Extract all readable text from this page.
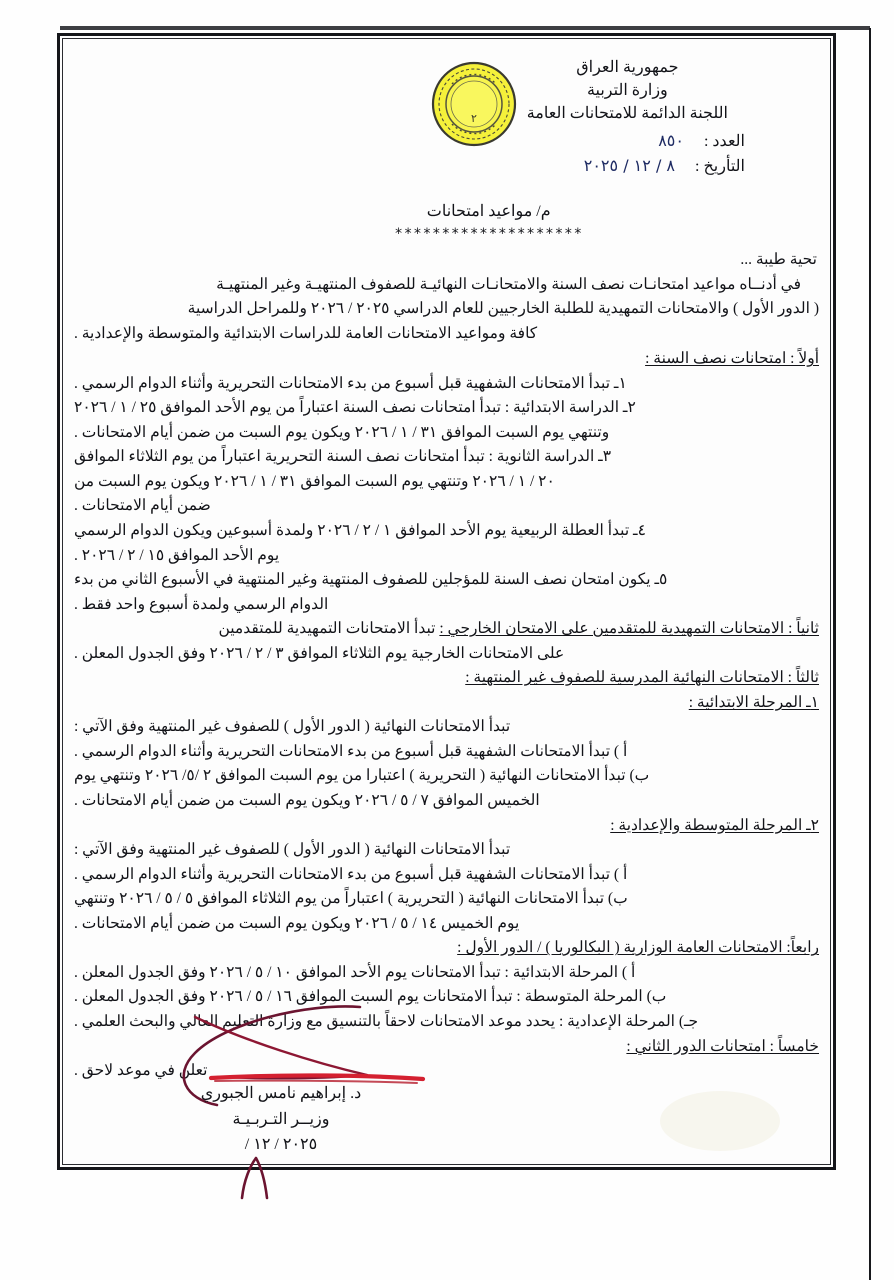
جمهورية العراق
وزارة التربية
اللجنة الدائمة للامتحانات العامة
العدد :
٨٥٠
التأريخ :
٨ / ١٢ / ٢٠٢٥
٢
م/ مواعيد امتحانات
********************
تحية طيبة ...
في أدنــاه مواعيد امتحانـات نصف السنة والامتحانـات النهائيـة للصفوف المنتهيـة وغير المنتهيـة
( الدور الأول ) والامتحانات التمهيدية للطلبة الخارجيين للعام الدراسي ٢٠٢٥ / ٢٠٢٦ وللمراحل الدراسية
كافة ومواعيد الامتحانات العامة للدراسات الابتدائية والمتوسطة والإعدادية .
أولاً : امتحانات نصف السنة :
١ـ تبدأ الامتحانات الشفهية قبل أسبوع من بدء الامتحانات التحريرية وأثناء الدوام الرسمي .
٢ـ الدراسة الابتدائية : تبدأ امتحانات نصف السنة اعتباراً من يوم الأحد الموافق ٢٥ / ١ / ٢٠٢٦
وتنتهي يوم السبت الموافق ٣١ / ١ / ٢٠٢٦ ويكون يوم السبت من ضمن أيام الامتحانات .
٣ـ الدراسة الثانوية : تبدأ امتحانات نصف السنة التحريرية اعتباراً من يوم الثلاثاء الموافق
٢٠ / ١ / ٢٠٢٦ وتنتهي يوم السبت الموافق ٣١ / ١ / ٢٠٢٦ ويكون يوم السبت من
ضمن أيام الامتحانات .
٤ـ تبدأ العطلة الربيعية يوم الأحد الموافق ١ / ٢ / ٢٠٢٦ ولمدة أسبوعين ويكون الدوام الرسمي
يوم الأحد الموافق ١٥ / ٢ / ٢٠٢٦ .
٥ـ يكون امتحان نصف السنة للمؤجلين للصفوف المنتهية وغير المنتهية في الأسبوع الثاني من بدء
الدوام الرسمي ولمدة أسبوع واحد فقط .
ثانياً : الامتحانات التمهيدية للمتقدمين على الامتحان الخارجي : تبدأ الامتحانات التمهيدية للمتقدمين
على الامتحانات الخارجية يوم الثلاثاء الموافق ٣ / ٢ / ٢٠٢٦ وفق الجدول المعلن .
ثالثاً : الامتحانات النهائية المدرسية للصفوف غير المنتهية :
١ـ المرحلة الابتدائية :
تبدأ الامتحانات النهائية ( الدور الأول ) للصفوف غير المنتهية وفق الآتي :
أ ) تبدأ الامتحانات الشفهية قبل أسبوع من بدء الامتحانات التحريرية وأثناء الدوام الرسمي .
ب) تبدأ الامتحانات النهائية ( التحريرية ) اعتبارا من يوم السبت الموافق ٢ /٥/ ٢٠٢٦ وتنتهي يوم
الخميس الموافق ٧ / ٥ / ٢٠٢٦ ويكون يوم السبت من ضمن أيام الامتحانات .
٢ـ المرحلة المتوسطة والإعدادية :
تبدأ الامتحانات النهائية ( الدور الأول ) للصفوف غير المنتهية وفق الآتي :
أ ) تبدأ الامتحانات الشفهية قبل أسبوع من بدء الامتحانات التحريرية وأثناء الدوام الرسمي .
ب) تبدأ الامتحانات النهائية ( التحريرية ) اعتباراً من يوم الثلاثاء الموافق ٥ / ٥ / ٢٠٢٦ وتنتهي
يوم الخميس ١٤ / ٥ / ٢٠٢٦ ويكون يوم السبت من ضمن أيام الامتحانات .
رابعاً: الامتحانات العامة الوزارية ( البكالوريا ) / الدور الأول :
أ ) المرحلة الابتدائية : تبدأ الامتحانات يوم الأحد الموافق ١٠ / ٥ / ٢٠٢٦ وفق الجدول المعلن .
ب) المرحلة المتوسطة : تبدأ الامتحانات يوم السبت الموافق ١٦ / ٥ / ٢٠٢٦ وفق الجدول المعلن .
جـ) المرحلة الإعدادية : يحدد موعد الامتحانات لاحقاً بالتنسيق مع وزارة التعليم العالي والبحث العلمي .
خامساً : امتحانات الدور الثاني :
تعلن في موعد لاحق .
د. إبراهيم نامس الجبوري
وزيــر التـربـيـة
٢٠٢٥ / ١٢ /
